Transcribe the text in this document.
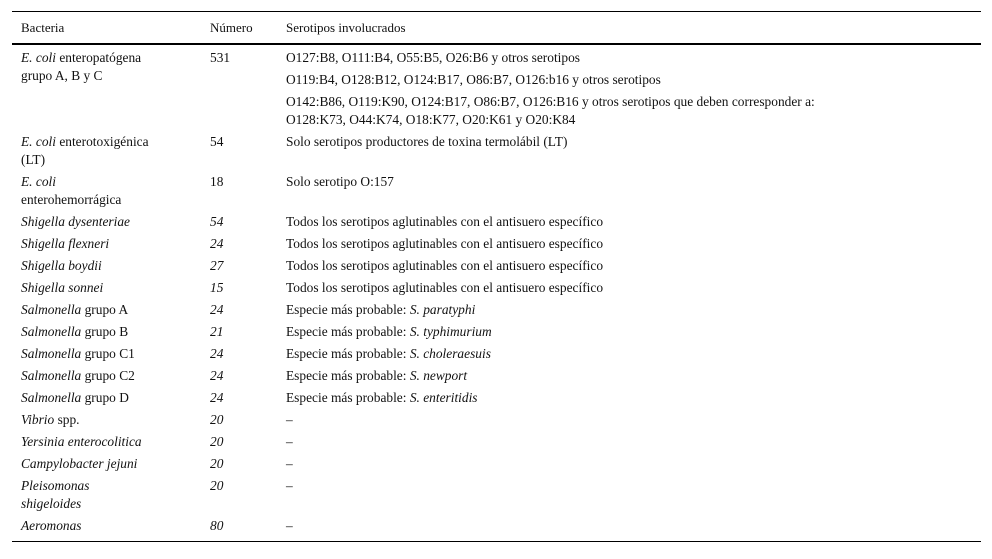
Bacteria	Número	Serotipos involucrados
E. coli enteropatógena
grupo A, B y C
531	O127:B8, O111:B4, O55:B5, O26:B6 y otros serotipos
O119:B4, O128:B12, O124:B17, O86:B7, O126:b16 y otros serotipos
O142:B86, O119:K90, O124:B17, O86:B7, O126:B16 y otros serotipos que deben corresponder a:
O128:K73, O44:K74, O18:K77, O20:K61 y O20:K84
E. coli enterotoxigénica
(LT)
54	Solo serotipos productores de toxina termolábil (LT)
E. coli
enterohemorrágica
18	Solo serotipo O:157
Shigella dysenteriae	54	Todos los serotipos aglutinables con el antisuero específico
Shigella flexneri	24	Todos los serotipos aglutinables con el antisuero específico
Shigella boydii	27	Todos los serotipos aglutinables con el antisuero específico
Shigella sonnei	15	Todos los serotipos aglutinables con el antisuero específico
Salmonella grupo A	24	Especie más probable: S. paratyphi
Salmonella grupo B	21	Especie más probable: S. typhimurium
Salmonella grupo C1	24	Especie más probable: S. choleraesuis
Salmonella grupo C2	24	Especie más probable: S. newport
Salmonella grupo D	24	Especie más probable: S. enteritidis
Vibrio spp.	20	–
Yersinia enterocolitica	20	–
Campylobacter jejuni	20	–
Pleisomonas
shigeloides
20	–
Aeromonas	80	–
